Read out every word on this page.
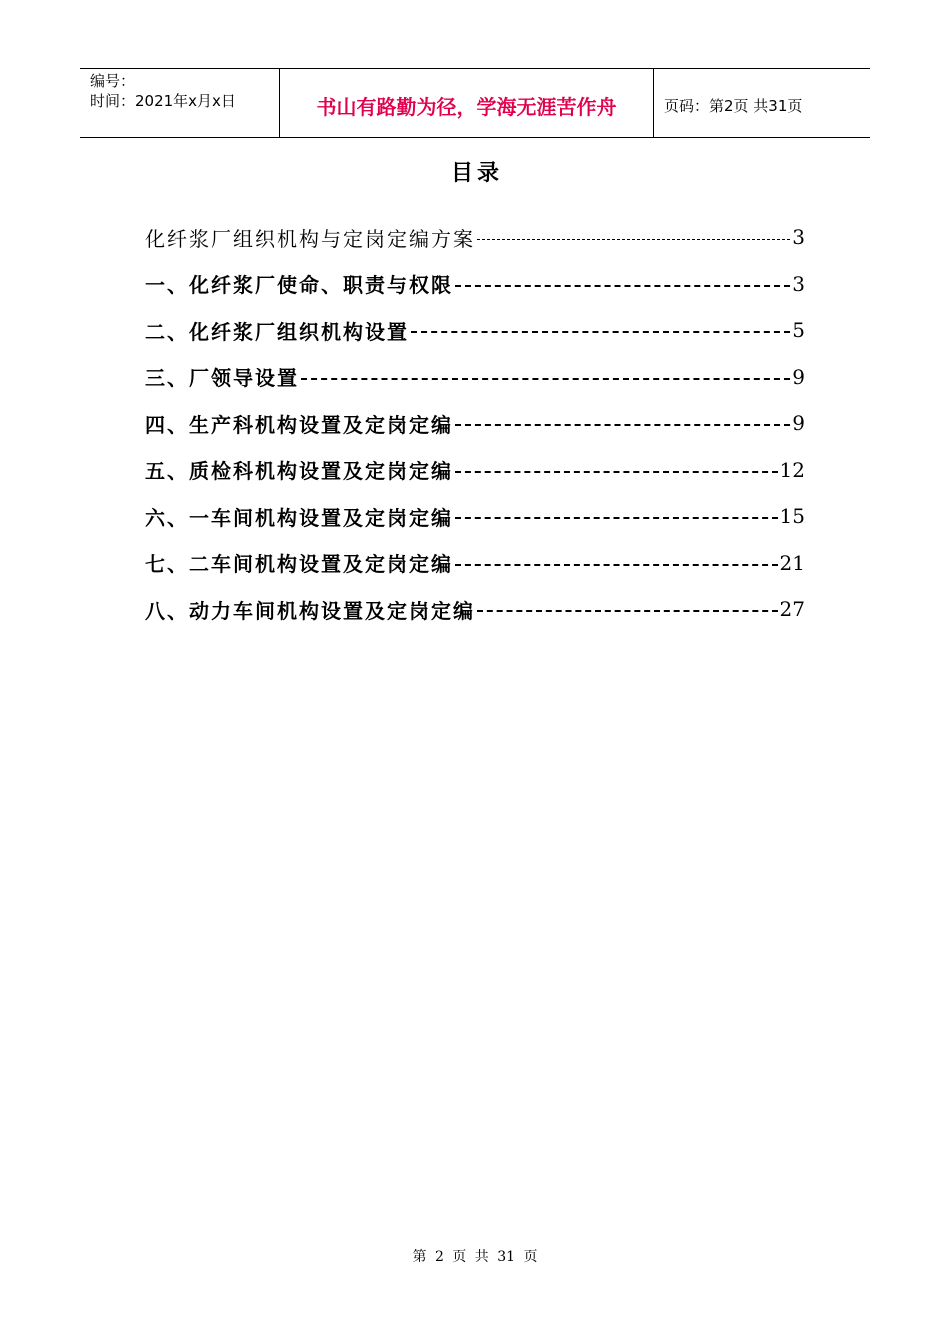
编号：
时间：2021年x月x日	书山有路勤为径，学海无涯苦作舟	页码：第2页 共31页
目录
化纤浆厂组织机构与定岗定编方案	3
一、化纤浆厂使命、职责与权限	3
二、化纤浆厂组织机构设置	5
三、厂领导设置	9
四、生产科机构设置及定岗定编	9
五、质检科机构设置及定岗定编	12
六、一车间机构设置及定岗定编	15
七、二车间机构设置及定岗定编	21
八、动力车间机构设置及定岗定编	27
第 2 页 共 31 页
